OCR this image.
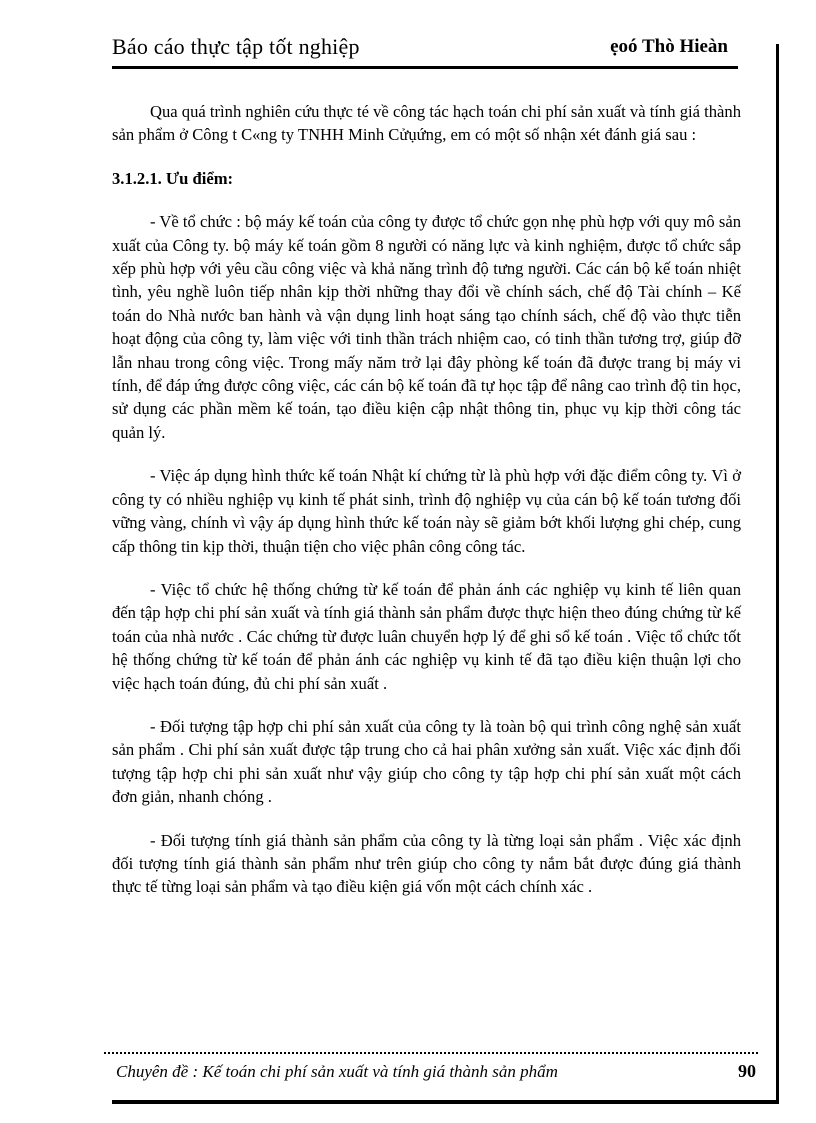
Báo cáo thực tập tốt nghiệp	ẹoó Thò Hieàn

Qua quá trình nghiên cứu thực té về công tác hạch toán chi phí sản xuất và tính giá thành sản phẩm ở Công t C«ng ty TNHH Minh Cửụứng, em có một số nhận xét đánh giá sau :

3.1.2.1. Ưu điểm:

- Về tổ chức : bộ máy kế toán của công ty được tổ chức gọn nhẹ phù hợp với quy mô sản xuất của Công ty. bộ máy kế toán gồm 8 người có năng lực và kinh nghiệm, được tổ chức sắp xếp phù hợp với yêu cầu công việc và khả năng trình độ tưng người. Các cán bộ kế toán nhiệt tình, yêu nghề luôn tiếp nhân kịp thời những thay đổi về chính sách, chế độ Tài chính – Kế toán do Nhà nước ban hành và vận dụng linh hoạt sáng tạo chính sách, chế độ vào thực tiễn hoạt động của công ty, làm việc với tinh thần trách nhiệm cao, có tinh thần tương trợ, giúp đỡ lẫn nhau trong công việc. Trong mấy năm trở lại đây phòng kế toán đã được trang bị máy vi tính, để đáp ứng được công việc, các cán bộ kế toán đã tự học tập để nâng cao trình độ tin học, sử dụng các phần mềm kế toán, tạo điều kiện cập nhật thông tin, phục vụ kịp thời công tác quản lý.

- Việc áp dụng hình thức kế toán Nhật kí chứng từ là phù hợp với đặc điểm công ty. Vì ở công ty có nhiều nghiệp vụ kinh tế phát sinh, trình độ nghiệp vụ của cán bộ kế toán tương đối vững vàng, chính vì vậy áp dụng hình thức kế toán này sẽ giảm bớt khối lượng ghi chép, cung cấp thông tin kịp thời, thuận tiện cho việc phân công công tác.

- Việc tổ chức hệ thống chứng từ kế toán để phản ánh các nghiệp vụ kinh tế liên quan đến tập hợp chi phí sản xuất và tính giá thành sản phẩm được thực hiện theo đúng chứng từ kế toán của nhà nước . Các chứng từ được luân chuyển hợp lý để ghi sổ kế toán . Việc tổ chức tốt hệ thống chứng từ kế toán để phản ánh các nghiệp vụ kinh tế đã tạo điều kiện thuận lợi cho việc hạch toán đúng, đủ chi phí sản xuất .

- Đối tượng tập hợp chi phí sản xuất của công ty là toàn bộ qui trình công nghệ sản xuất sản phẩm . Chi phí sản xuất được tập trung cho cả hai phân xưởng sản xuất. Việc xác định đối tượng tập hợp chi phi sản xuất như vậy giúp cho công ty tập hợp chi phí sản xuất một cách đơn giản, nhanh chóng .

- Đối tượng tính giá thành sản phẩm của công ty là từng loại sản phẩm . Việc xác định đối tượng tính giá thành sản phẩm như trên giúp cho công ty nắm bắt được đúng giá thành thực tế từng loại sản phẩm và tạo điều kiện giá vốn một cách chính xác .

Chuyên đề : Kế toán chi phí sản xuất và tính giá thành sản phẩm	90
